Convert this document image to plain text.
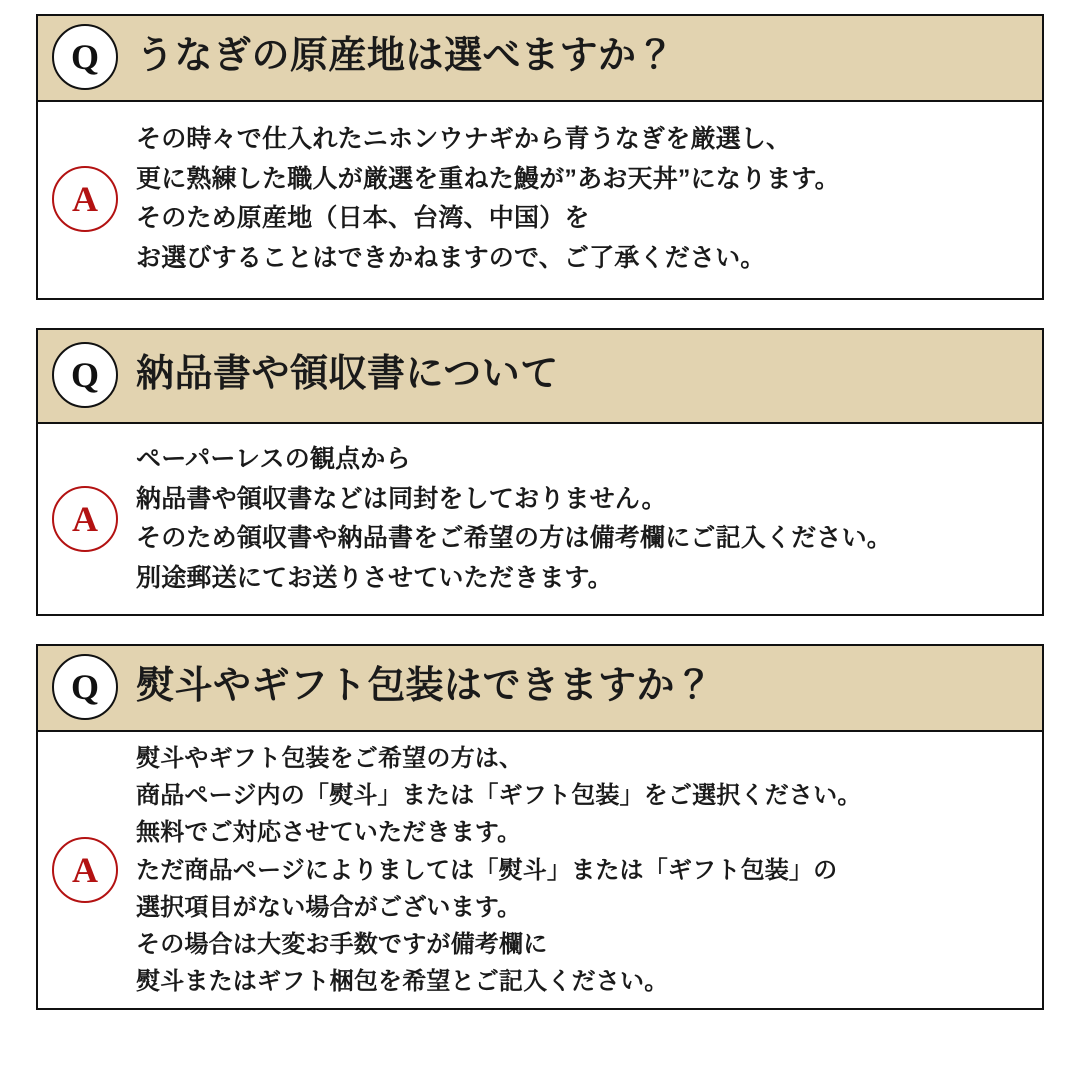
Q うなぎの原産地は選べますか？
A
その時々で仕入れたニホンウナギから青うなぎを厳選し、
更に熟練した職人が厳選を重ねた鰻が”あお天丼”になります。
そのため原産地（日本、台湾、中国）を
お選びすることはできかねますので、ご了承ください。
Q 納品書や領収書について
A
ペーパーレスの観点から
納品書や領収書などは同封をしておりません。
そのため領収書や納品書をご希望の方は備考欄にご記入ください。
別途郵送にてお送りさせていただきます。
Q 熨斗やギフト包装はできますか？
A
熨斗やギフト包装をご希望の方は、
商品ページ内の「熨斗」または「ギフト包装」をご選択ください。
無料でご対応させていただきます。
ただ商品ページによりましては「熨斗」または「ギフト包装」の
選択項目がない場合がございます。
その場合は大変お手数ですが備考欄に
熨斗またはギフト梱包を希望とご記入ください。
